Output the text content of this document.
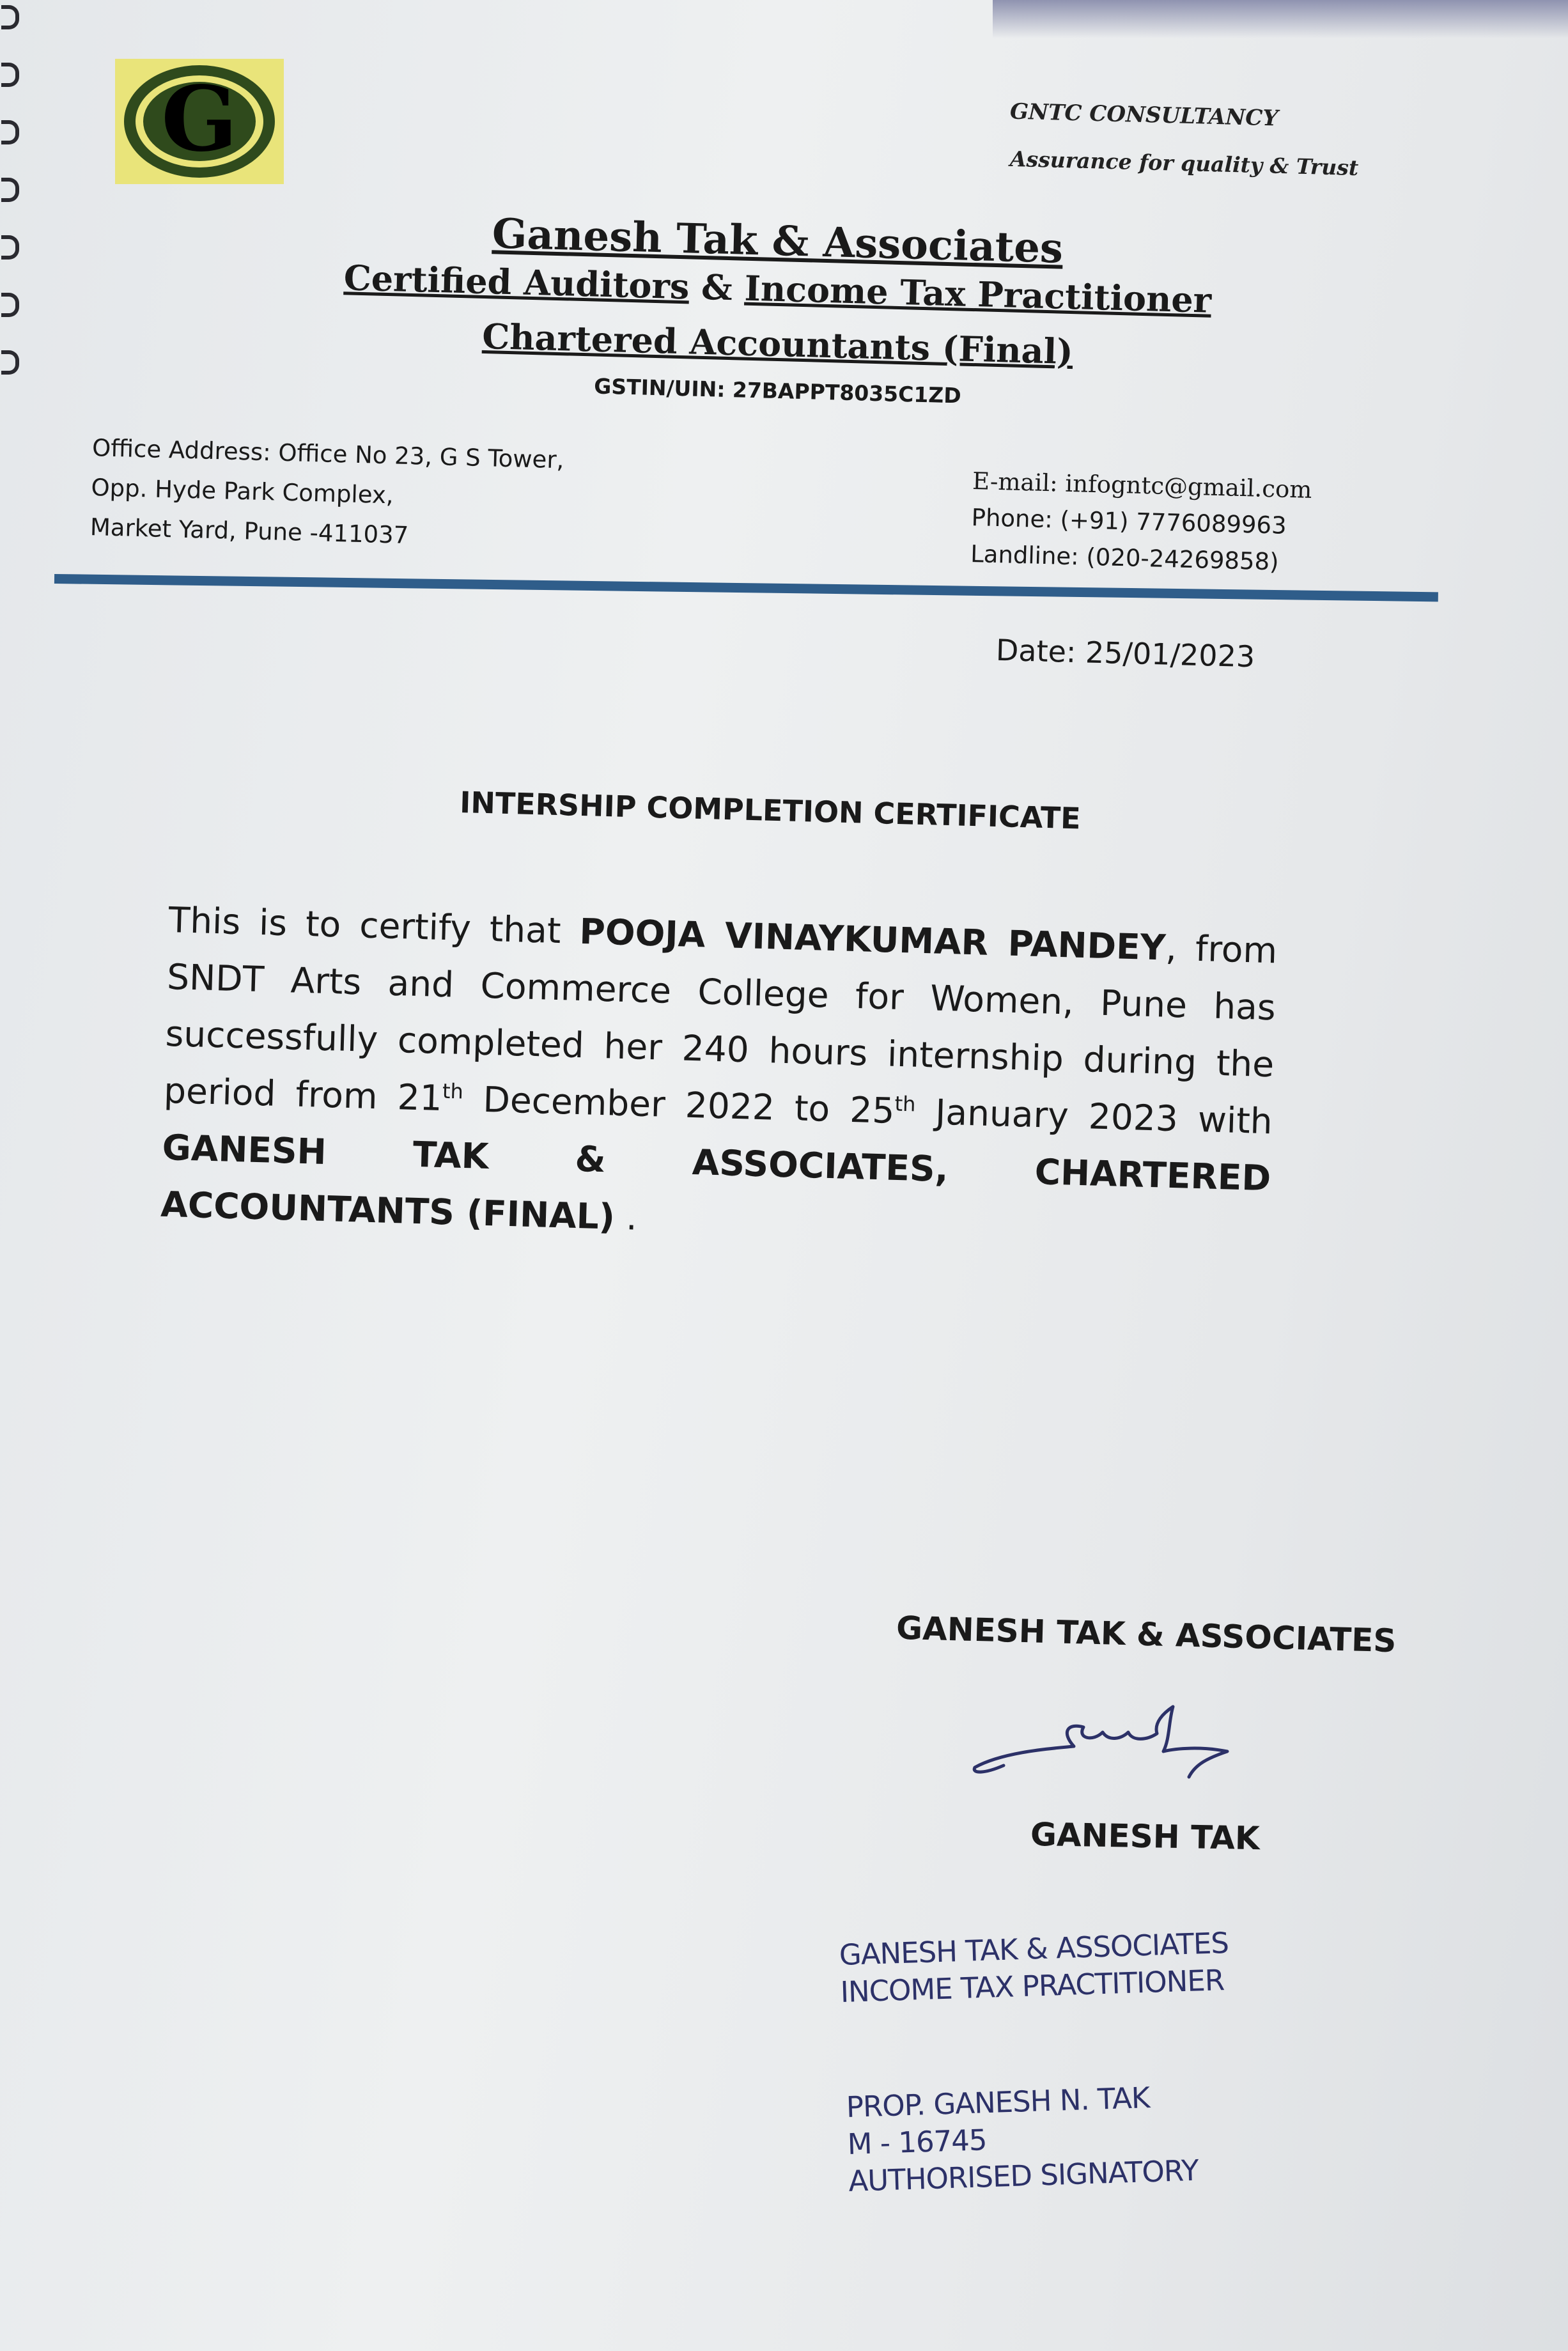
G	GNTC CONSULTANCY
Assurance for quality & Trust
Ganesh Tak & Associates
Certified Auditors & Income Tax Practitioner
Chartered Accountants (Final)
GSTIN/UIN: 27BAPPT8035C1ZD
Office Address: Office No 23, G S Tower,
Opp. Hyde Park Complex,
Market Yard, Pune -411037
E-mail: infogntc@gmail.com
Phone: (+91) 7776089963
Landline: (020-24269858)
Date: 25/01/2023
INTERSHIP COMPLETION CERTIFICATE
This is to certify that POOJA VINAYKUMAR PANDEY, from SNDT Arts and Commerce College for Women, Pune has successfully completed her 240 hours internship during the period from 21th December 2022 to 25th January 2023 with GANESH TAK & ASSOCIATES, CHARTERED ACCOUNTANTS (FINAL) .
GANESH TAK & ASSOCIATES
GANESH TAK
GANESH TAK & ASSOCIATES
INCOME TAX PRACTITIONER
PROP. GANESH N. TAK
M - 16745
AUTHORISED SIGNATORY
